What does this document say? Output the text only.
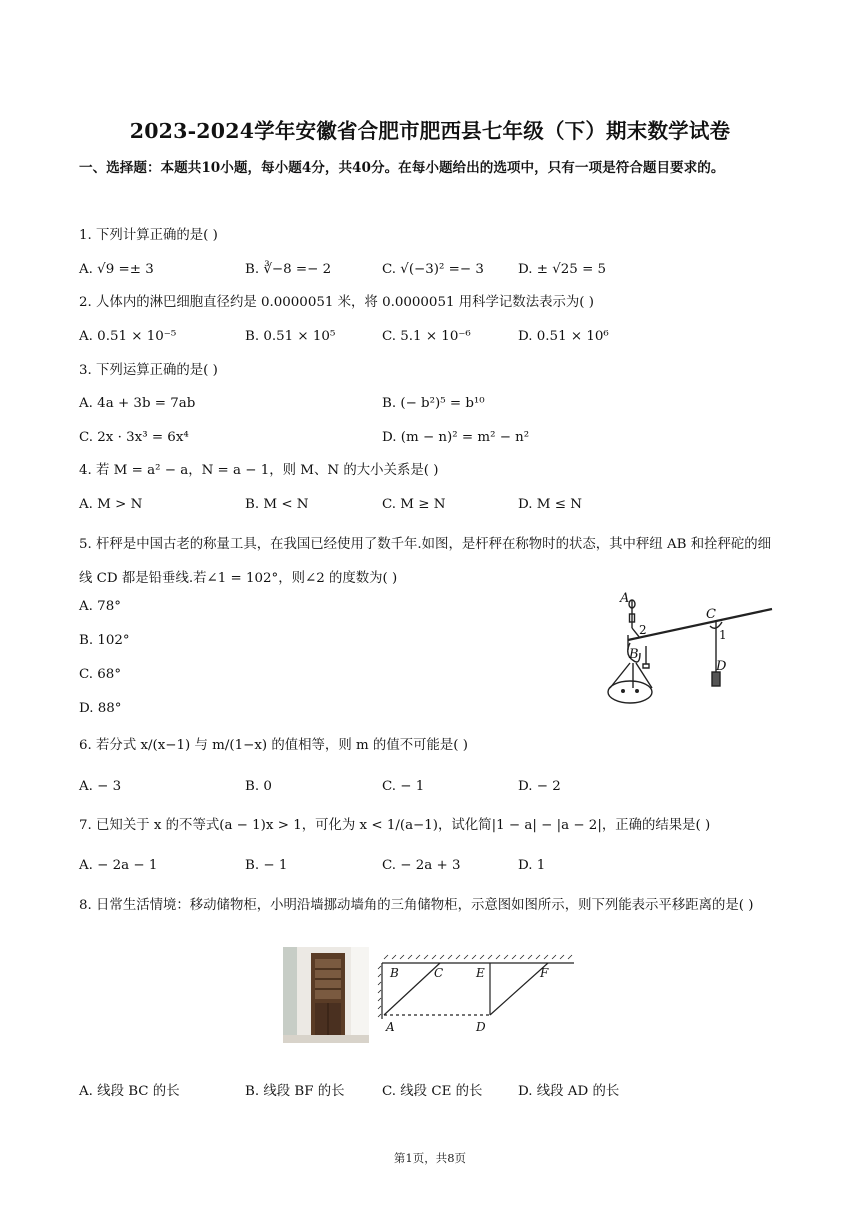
2023-2024学年安徽省合肥市肥西县七年级（下）期末数学试卷
一、选择题：本题共10小题，每小题4分，共40分。在每小题给出的选项中，只有一项是符合题目要求的。
1. 下列计算正确的是( )
A. √9 =± 3	B. ∛−8 =− 2	C. √(−3)² =− 3	D. ± √25 = 5
2. 人体内的淋巴细胞直径约是 0.0000051 米，将 0.0000051 用科学记数法表示为( )
A. 0.51 × 10⁻⁵	B. 0.51 × 10⁵	C. 5.1 × 10⁻⁶	D. 0.51 × 10⁶
3. 下列运算正确的是( )
A. 4a + 3b = 7ab	B. (− b²)⁵ = b¹⁰
C. 2x · 3x³ = 6x⁴	D. (m − n)² = m² − n²
4. 若 M = a² − a，N = a − 1，则 M、N 的大小关系是( )
A. M > N	B. M < N	C. M ≥ N	D. M ≤ N
5. 杆秤是中国古老的称量工具，在我国已经使用了数千年.如图，是杆秤在称物时的状态，其中秤纽 AB 和拴秤砣的细线 CD 都是铅垂线.若∠1 = 102°，则∠2 的度数为( )
A. 78°
B. 102°
C. 68°
D. 88°
A
B
C
D
1
2
6. 若分式 x/(x−1) 与 m/(1−x) 的值相等，则 m 的值不可能是( )
A. − 3	B. 0	C. − 1	D. − 2
7. 已知关于 x 的不等式(a − 1)x > 1，可化为 x < 1/(a−1)，试化简|1 − a| − |a − 2|，正确的结果是( )
A. − 2a − 1	B. − 1	C. − 2a + 3	D. 1
8. 日常生活情境：移动储物柜，小明沿墙挪动墙角的三角储物柜，示意图如图所示，则下列能表示平移距离的是( )
B	C	E	F
A	D
A. 线段 BC 的长	B. 线段 BF 的长	C. 线段 CE 的长	D. 线段 AD 的长
第1页，共8页
